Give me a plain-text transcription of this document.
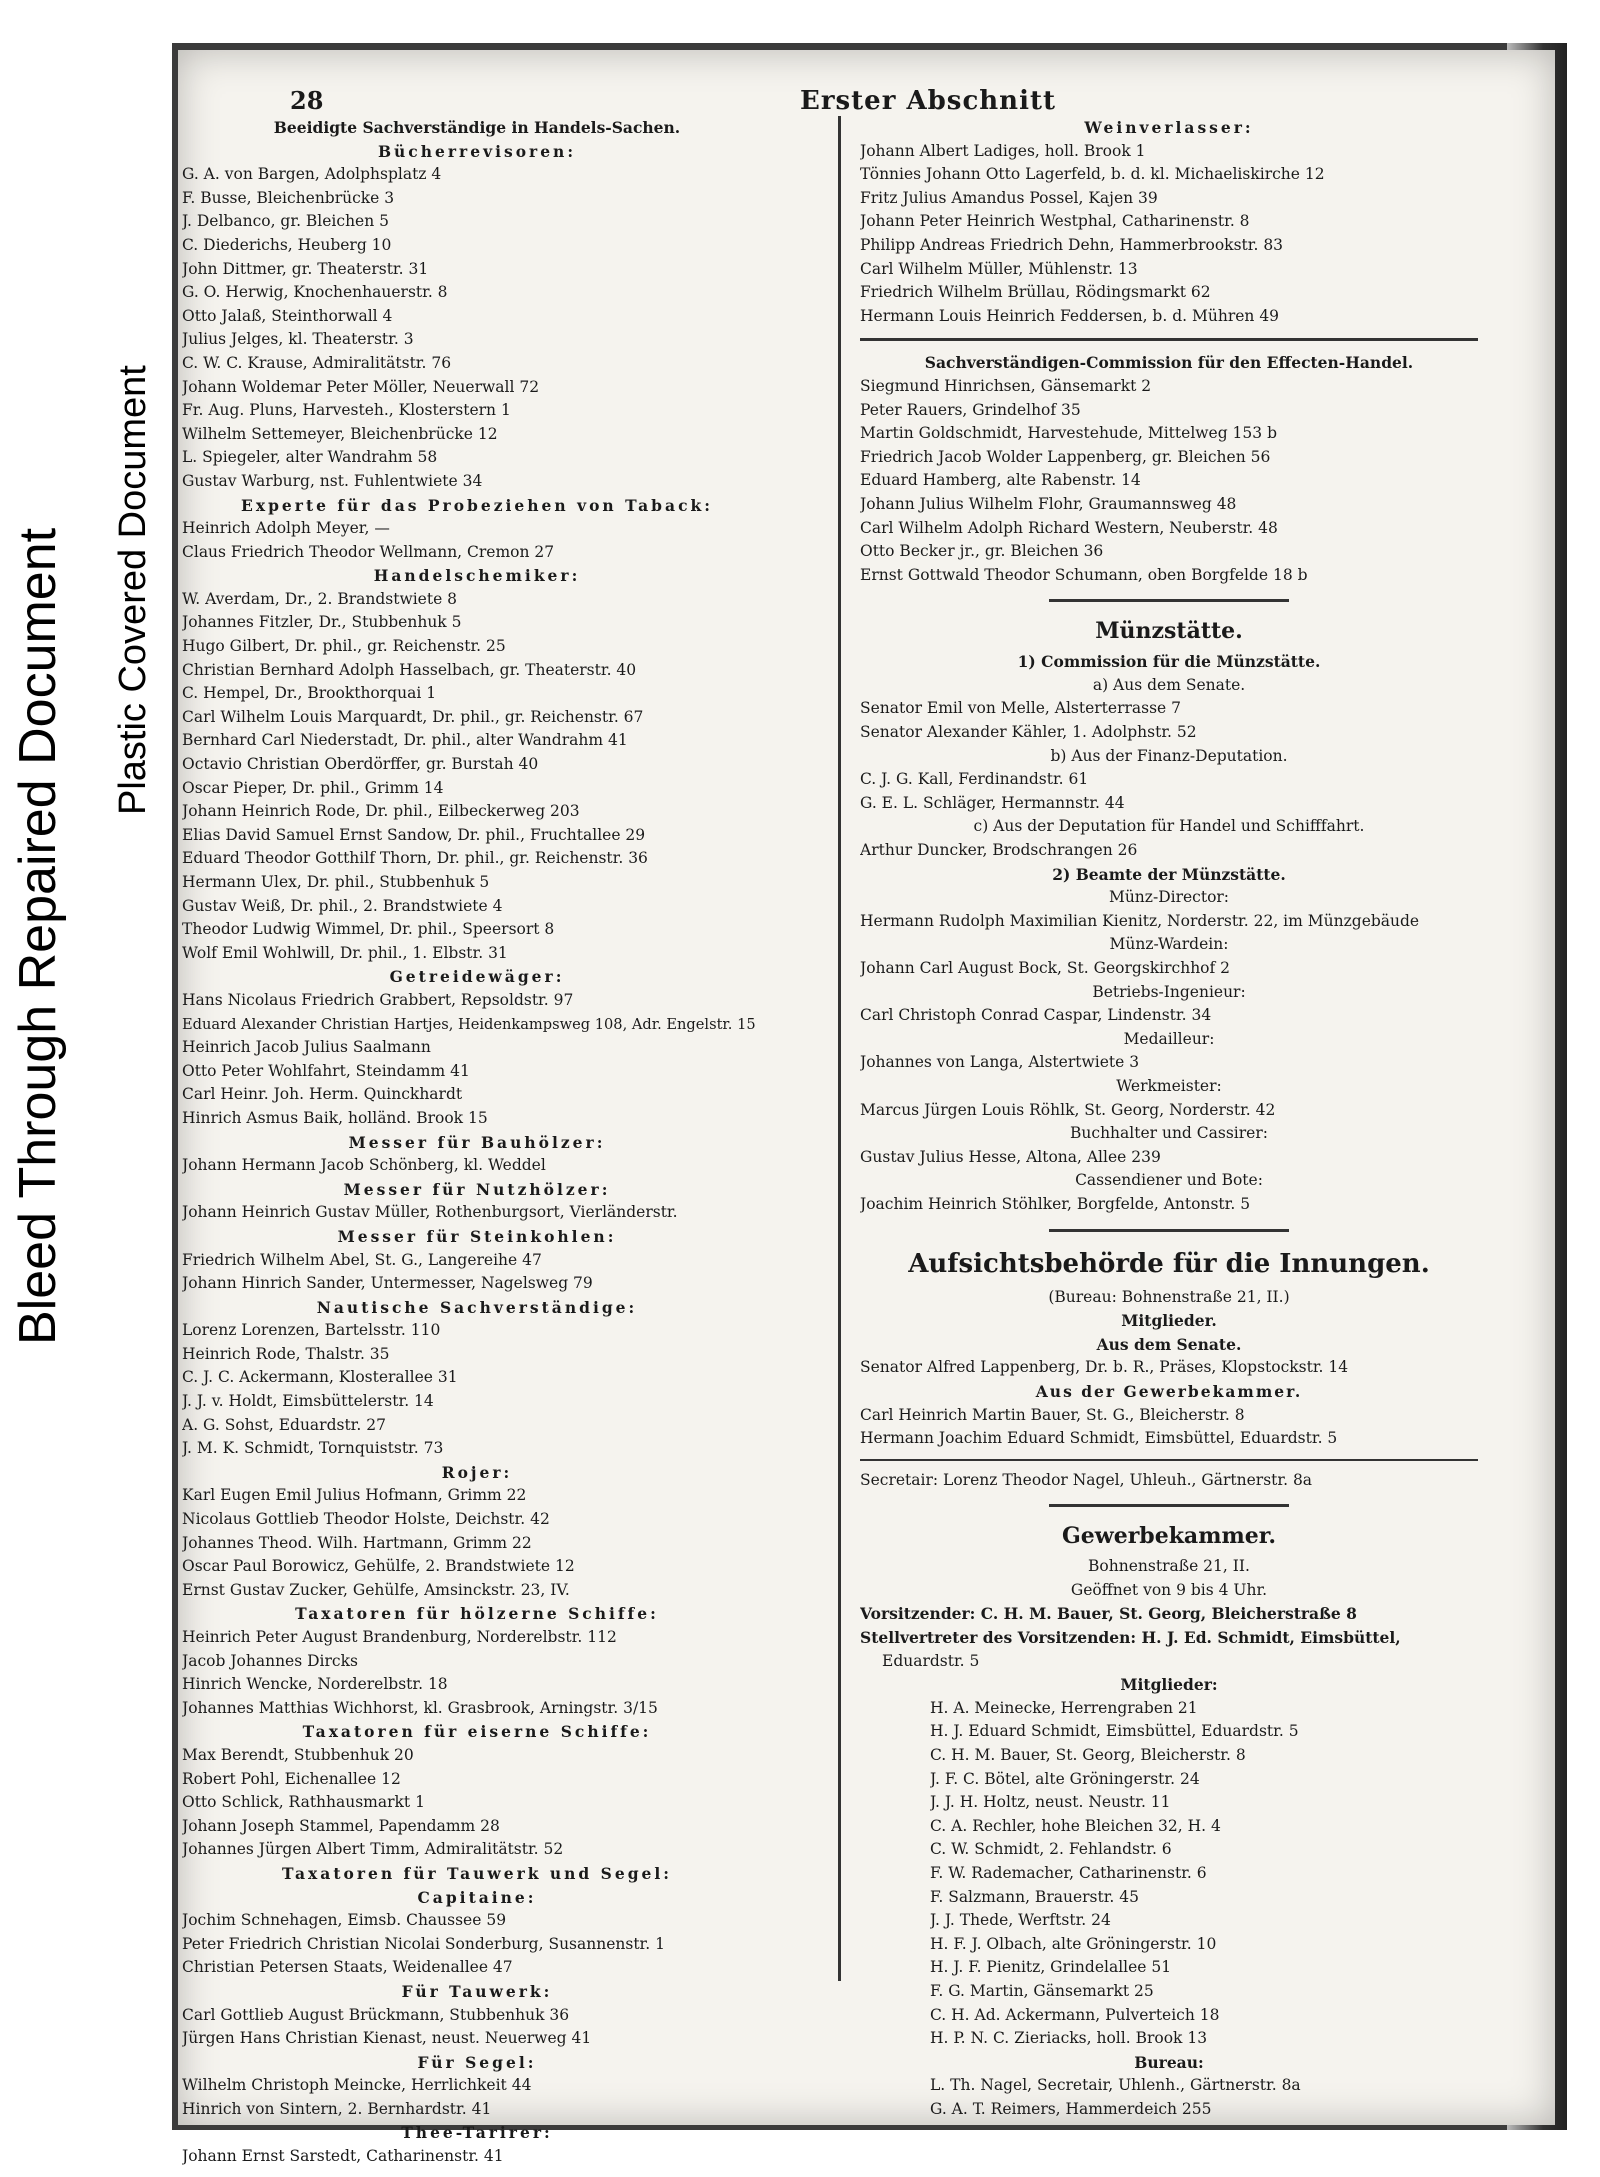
Bleed Through Repaired Document Plastic Covered Document
28	Erster Abschnitt
Beeidigte Sachverständige in Handels-Sachen.
Bücherrevisoren:
G. A. von Bargen, Adolphsplatz 4
F. Busse, Bleichenbrücke 3
J. Delbanco, gr. Bleichen 5
C. Diederichs, Heuberg 10
John Dittmer, gr. Theaterstr. 31
G. O. Herwig, Knochenhauerstr. 8
Otto Jalaß, Steinthorwall 4
Julius Jelges, kl. Theaterstr. 3
C. W. C. Krause, Admiralitätstr. 76
Johann Woldemar Peter Möller, Neuerwall 72
Fr. Aug. Pluns, Harvesteh., Klosterstern 1
Wilhelm Settemeyer, Bleichenbrücke 12
L. Spiegeler, alter Wandrahm 58
Gustav Warburg, nst. Fuhlentwiete 34
Experte für das Probeziehen von Taback:
Heinrich Adolph Meyer, —
Claus Friedrich Theodor Wellmann, Cremon 27
Handelschemiker:
W. Averdam, Dr., 2. Brandstwiete 8
Johannes Fitzler, Dr., Stubbenhuk 5
Hugo Gilbert, Dr. phil., gr. Reichenstr. 25
Christian Bernhard Adolph Hasselbach, gr. Theaterstr. 40
C. Hempel, Dr., Brookthorquai 1
Carl Wilhelm Louis Marquardt, Dr. phil., gr. Reichenstr. 67
Bernhard Carl Niederstadt, Dr. phil., alter Wandrahm 41
Octavio Christian Oberdörffer, gr. Burstah 40
Oscar Pieper, Dr. phil., Grimm 14
Johann Heinrich Rode, Dr. phil., Eilbeckerweg 203
Elias David Samuel Ernst Sandow, Dr. phil., Fruchtallee 29
Eduard Theodor Gotthilf Thorn, Dr. phil., gr. Reichenstr. 36
Hermann Ulex, Dr. phil., Stubbenhuk 5
Gustav Weiß, Dr. phil., 2. Brandstwiete 4
Theodor Ludwig Wimmel, Dr. phil., Speersort 8
Wolf Emil Wohlwill, Dr. phil., 1. Elbstr. 31
Getreidewäger:
Hans Nicolaus Friedrich Grabbert, Repsoldstr. 97
Eduard Alexander Christian Hartjes, Heidenkampsweg 108, Adr. Engelstr. 15
Heinrich Jacob Julius Saalmann
Otto Peter Wohlfahrt, Steindamm 41
Carl Heinr. Joh. Herm. Quinckhardt
Hinrich Asmus Baik, holländ. Brook 15
Messer für Bauhölzer:
Johann Hermann Jacob Schönberg, kl. Weddel
Messer für Nutzhölzer:
Johann Heinrich Gustav Müller, Rothenburgsort, Vierländerstr.
Messer für Steinkohlen:
Friedrich Wilhelm Abel, St. G., Langereihe 47
Johann Hinrich Sander, Untermesser, Nagelsweg 79
Nautische Sachverständige:
Lorenz Lorenzen, Bartelsstr. 110
Heinrich Rode, Thalstr. 35
C. J. C. Ackermann, Klosterallee 31
J. J. v. Holdt, Eimsbüttelerstr. 14
A. G. Sohst, Eduardstr. 27
J. M. K. Schmidt, Tornquiststr. 73
Rojer:
Karl Eugen Emil Julius Hofmann, Grimm 22
Nicolaus Gottlieb Theodor Holste, Deichstr. 42
Johannes Theod. Wilh. Hartmann, Grimm 22
Oscar Paul Borowicz, Gehülfe, 2. Brandstwiete 12
Ernst Gustav Zucker, Gehülfe, Amsinckstr. 23, IV.
Taxatoren für hölzerne Schiffe:
Heinrich Peter August Brandenburg, Norderelbstr. 112
Jacob Johannes Dircks
Hinrich Wencke, Norderelbstr. 18
Johannes Matthias Wichhorst, kl. Grasbrook, Arningstr. 3/15
Taxatoren für eiserne Schiffe:
Max Berendt, Stubbenhuk 20
Robert Pohl, Eichenallee 12
Otto Schlick, Rathhausmarkt 1
Johann Joseph Stammel, Papendamm 28
Johannes Jürgen Albert Timm, Admiralitätstr. 52
Taxatoren für Tauwerk und Segel:
Capitaine:
Jochim Schnehagen, Eimsb. Chaussee 59
Peter Friedrich Christian Nicolai Sonderburg, Susannenstr. 1
Christian Petersen Staats, Weidenallee 47
Für Tauwerk:
Carl Gottlieb August Brückmann, Stubbenhuk 36
Jürgen Hans Christian Kienast, neust. Neuerweg 41
Für Segel:
Wilhelm Christoph Meincke, Herrlichkeit 44
Hinrich von Sintern, 2. Bernhardstr. 41
Thee-Tarirer:
Johann Ernst Sarstedt, Catharinenstr. 41
Weinverlasser:
Johann Albert Ladiges, holl. Brook 1
Tönnies Johann Otto Lagerfeld, b. d. kl. Michaeliskirche 12
Fritz Julius Amandus Possel, Kajen 39
Johann Peter Heinrich Westphal, Catharinenstr. 8
Philipp Andreas Friedrich Dehn, Hammerbrookstr. 83
Carl Wilhelm Müller, Mühlenstr. 13
Friedrich Wilhelm Brüllau, Rödingsmarkt 62
Hermann Louis Heinrich Feddersen, b. d. Mühren 49
Sachverständigen-Commission für den Effecten-Handel.
Siegmund Hinrichsen, Gänsemarkt 2
Peter Rauers, Grindelhof 35
Martin Goldschmidt, Harvestehude, Mittelweg 153 b
Friedrich Jacob Wolder Lappenberg, gr. Bleichen 56
Eduard Hamberg, alte Rabenstr. 14
Johann Julius Wilhelm Flohr, Graumannsweg 48
Carl Wilhelm Adolph Richard Western, Neuberstr. 48
Otto Becker jr., gr. Bleichen 36
Ernst Gottwald Theodor Schumann, oben Borgfelde 18 b
Münzstätte.
1) Commission für die Münzstätte.
a) Aus dem Senate.
Senator Emil von Melle, Alsterterrasse 7
Senator Alexander Kähler, 1. Adolphstr. 52
b) Aus der Finanz-Deputation.
C. J. G. Kall, Ferdinandstr. 61
G. E. L. Schläger, Hermannstr. 44
c) Aus der Deputation für Handel und Schifffahrt.
Arthur Duncker, Brodschrangen 26
2) Beamte der Münzstätte.
Münz-Director:
Hermann Rudolph Maximilian Kienitz, Norderstr. 22, im Münzgebäude
Münz-Wardein:
Johann Carl August Bock, St. Georgskirchhof 2
Betriebs-Ingenieur:
Carl Christoph Conrad Caspar, Lindenstr. 34
Medailleur:
Johannes von Langa, Alstertwiete 3
Werkmeister:
Marcus Jürgen Louis Röhlk, St. Georg, Norderstr. 42
Buchhalter und Cassirer:
Gustav Julius Hesse, Altona, Allee 239
Cassendiener und Bote:
Joachim Heinrich Stöhlker, Borgfelde, Antonstr. 5
Aufsichtsbehörde für die Innungen.
(Bureau: Bohnenstraße 21, II.)
Mitglieder.
Aus dem Senate.
Senator Alfred Lappenberg, Dr. b. R., Präses, Klopstockstr. 14
Aus der Gewerbekammer.
Carl Heinrich Martin Bauer, St. G., Bleicherstr. 8
Hermann Joachim Eduard Schmidt, Eimsbüttel, Eduardstr. 5
Secretair: Lorenz Theodor Nagel, Uhleuh., Gärtnerstr. 8a
Gewerbekammer.
Bohnenstraße 21, II.
Geöffnet von 9 bis 4 Uhr.
Vorsitzender: C. H. M. Bauer, St. Georg, Bleicherstraße 8
Stellvertreter des Vorsitzenden: H. J. Ed. Schmidt, Eimsbüttel,
Eduardstr. 5
Mitglieder:
H. A. Meinecke, Herrengraben 21
H. J. Eduard Schmidt, Eimsbüttel, Eduardstr. 5
C. H. M. Bauer, St. Georg, Bleicherstr. 8
J. F. C. Bötel, alte Gröningerstr. 24
J. J. H. Holtz, neust. Neustr. 11
C. A. Rechler, hohe Bleichen 32, H. 4
C. W. Schmidt, 2. Fehlandstr. 6
F. W. Rademacher, Catharinenstr. 6
F. Salzmann, Brauerstr. 45
J. J. Thede, Werftstr. 24
H. F. J. Olbach, alte Gröningerstr. 10
H. J. F. Pienitz, Grindelallee 51
F. G. Martin, Gänsemarkt 25
C. H. Ad. Ackermann, Pulverteich 18
H. P. N. C. Zieriacks, holl. Brook 13
Bureau:
L. Th. Nagel, Secretair, Uhlenh., Gärtnerstr. 8a
G. A. T. Reimers, Hammerdeich 255
